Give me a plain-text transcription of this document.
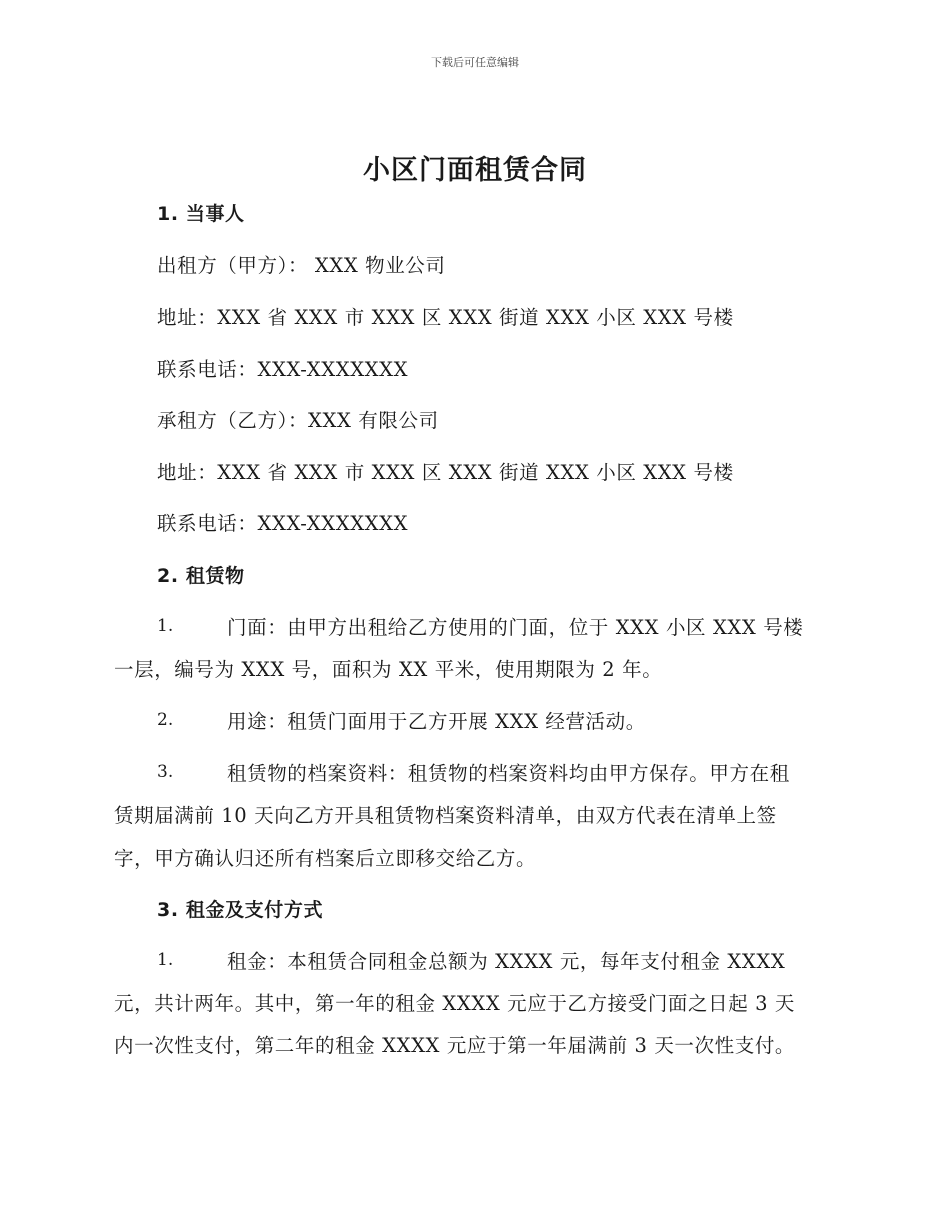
下载后可任意编辑
小区门面租赁合同
1. 当事人
出租方（甲方）： XXX 物业公司
地址：XXX 省 XXX 市 XXX 区 XXX 街道 XXX 小区 XXX 号楼
联系电话：XXX-XXXXXXX
承租方（乙方）：XXX 有限公司
地址：XXX 省 XXX 市 XXX 区 XXX 街道 XXX 小区 XXX 号楼
联系电话：XXX-XXXXXXX
2. 租赁物
1.	门面：由甲方出租给乙方使用的门面，位于 XXX 小区 XXX 号楼
一层，编号为 XXX 号，面积为 XX 平米，使用期限为 2 年。
2.	用途：租赁门面用于乙方开展 XXX 经营活动。
3.	租赁物的档案资料：租赁物的档案资料均由甲方保存。甲方在租
赁期届满前 10 天向乙方开具租赁物档案资料清单，由双方代表在清单上签
字，甲方确认归还所有档案后立即移交给乙方。
3. 租金及支付方式
1.	租金：本租赁合同租金总额为 XXXX 元，每年支付租金 XXXX
元，共计两年。其中，第一年的租金 XXXX 元应于乙方接受门面之日起 3 天
内一次性支付，第二年的租金 XXXX 元应于第一年届满前 3 天一次性支付。
